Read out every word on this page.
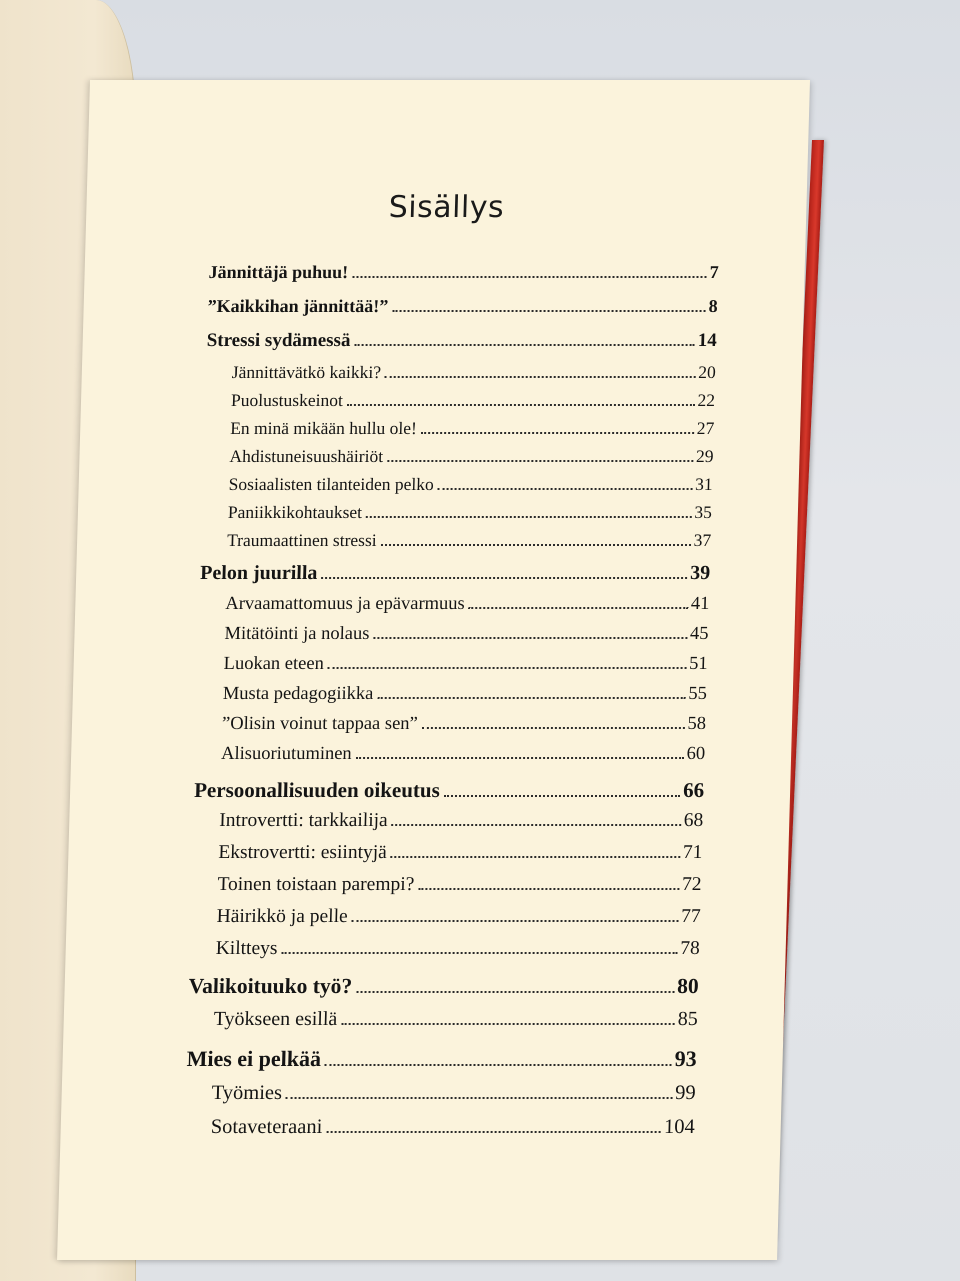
Sisällys
Jännittäjä puhuu!	7
”Kaikkihan jännittää!”	8
Stressi sydämessä	14
Jännittävätkö kaikki?	20
Puolustuskeinot	22
En minä mikään hullu ole!	27
Ahdistuneisuushäiriöt	29
Sosiaalisten tilanteiden pelko	31
Paniikkikohtaukset	35
Traumaattinen stressi	37
Pelon juurilla	39
Arvaamattomuus ja epävarmuus	41
Mitätöinti ja nolaus	45
Luokan eteen	51
Musta pedagogiikka	55
”Olisin voinut tappaa sen”	58
Alisuoriutuminen	60
Persoonallisuuden oikeutus	66
Introvertti: tarkkailija	68
Ekstrovertti: esiintyjä	71
Toinen toistaan parempi?	72
Häirikkö ja pelle	77
Kiltteys	78
Valikoituuko työ?	80
Työkseen esillä	85
Mies ei pelkää	93
Työmies	99
Sotaveteraani	104
